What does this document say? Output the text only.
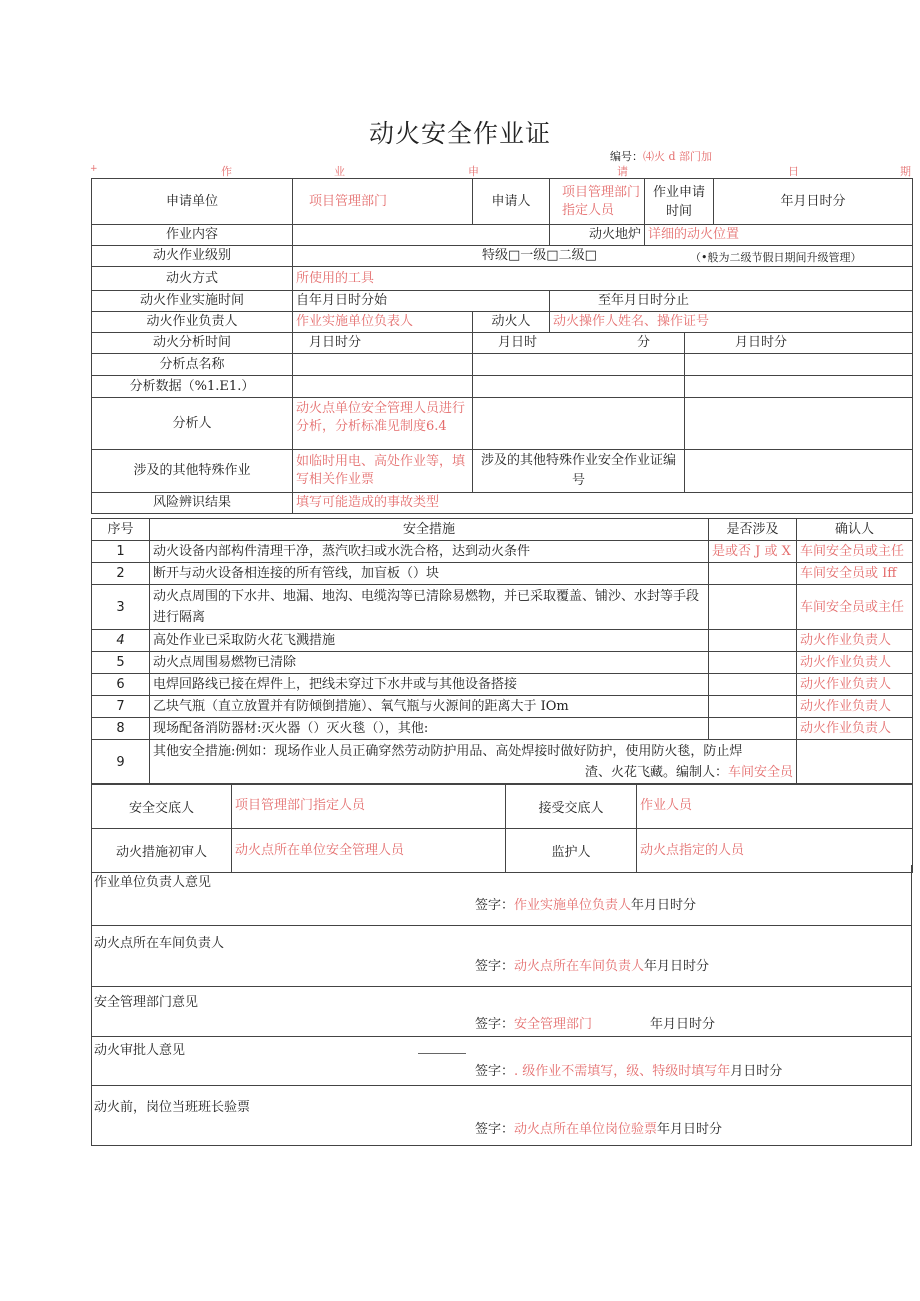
动火安全作业证
编号：⑷火 d 部门加
+	作	业	申	请	日	期
申请单位	项目管理部门	申请人	项目管理部门指定人员	作业申请时间		年月日时分
作业内容			动火地炉	详细的动火位置		
动火作业级别	特级□一级□二级□ （•般为二级节假日期间升级管理）					

动火方式	所使用的工具					
动火作业实施时间	自年月日时分始		至年月日时分止			
动火作业负责人	作业实施单位负表人	动火人	动火操作人姓名、操作证号			
动火分析时间	月日时分	月日时 分			月日时分	
分析点名称						
分析数据（%1.E1.）						
分析人	动火点单位安全管理人员进行分析，分析标准见制度6.4					
涉及的其他特殊作业	如临时用电、高处作业等，填写相关作业票	涉及的其他特殊作业安全作业证编号				
风险辨识结果	填写可能造成的事故类型					
序号	安全措施	是否涉及	确认人
1	动火设备内部构件清理干净，蒸汽吹扫或水洗合格，达到动火条件	是或否 J 或 X	车间安全员或主任
2	断开与动火设备相连接的所有管线，加盲板（）块		车间安全员或 Iff
3	动火点周围的下水井、地漏、地沟、电缆沟等已清除易燃物，并已采取覆盖、铺沙、水封等手段进行隔离		车间安全员或主任
4	高处作业已采取防火花飞溅措施		动火作业负责人
5	动火点周围易燃物已清除		动火作业负责人
6	电焊回路线已接在焊件上，把线未穿过下水井或与其他设备搭接		动火作业负责人
7	乙块气瓶（直立放置并有防倾倒措施）、氧气瓶与火源间的距离大于 IOm		动火作业负责人
8	现场配备消防器材:灭火器（）灭火毯（），其他:		动火作业负责人
9	其他安全措施:例如：现场作业人员正确穿然劳动防护用品、高处焊接时做好防护，使用防火毯，防止焊
渣、火花飞藏。编制人：车间安全员		

安全交底人	项目管理部门指定人员	接受交底人	作业人员
动火措施初审人	动火点所在单位安全管理人员	监护人	动火点指定的人员
作业单位负责人意见
签字：作业实施单位负责人年月日时分
动火点所在车间负责人
签字：动火点所在车间负责人年月日时分
安全管理部门意见
签字：安全管理部门	年月日时分
动火审批人意见
签字：. 级作业不需填写，级、特级时填写年月日时分
动火前，岗位当班班长验票
签字：动火点所在单位岗位验票年月日时分
